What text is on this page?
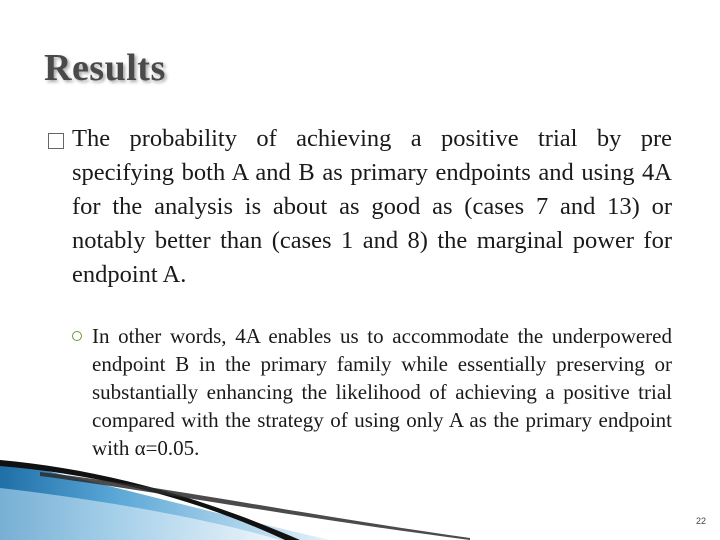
Results
The probability of achieving a positive trial by pre specifying both A and B as primary endpoints and using 4A for the analysis is about as good as (cases 7 and 13) or notably better than (cases 1 and 8) the marginal power for endpoint A.
In other words, 4A enables us to accommodate the underpowered endpoint B in the primary family while essentially preserving or substantially enhancing the likelihood of achieving a positive trial compared with the strategy of using only A as the primary endpoint with α=0.05.
22
